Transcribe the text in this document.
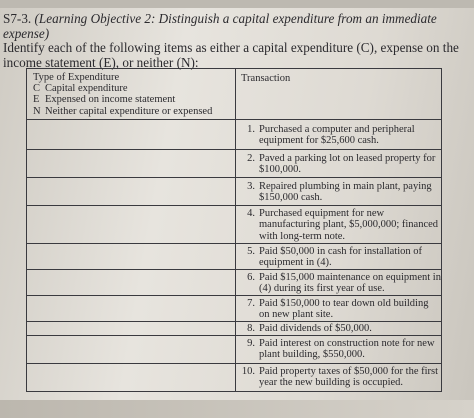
S7-3. (Learning Objective 2: Distinguish a capital expenditure from an immediate expense)
Identify each of the following items as either a capital expenditure (C), expense on the income statement (E), or neither (N):
Type of Expenditure
C Capital expenditure
E Expensed on income statement
N Neither capital expenditure or expensed
Transaction
1. Purchased a computer and peripheral equipment for $25,600 cash.
2. Paved a parking lot on leased property for $100,000.
3. Repaired plumbing in main plant, paying $150,000 cash.
4. Purchased equipment for new manufacturing plant, $5,000,000; financed with long-term note.
5. Paid $50,000 in cash for installation of equipment in (4).
6. Paid $15,000 maintenance on equipment in (4) during its first year of use.
7. Paid $150,000 to tear down old building on new plant site.
8. Paid dividends of $50,000.
9. Paid interest on construction note for new plant building, $550,000.
10. Paid property taxes of $50,000 for the first year the new building is occupied.
